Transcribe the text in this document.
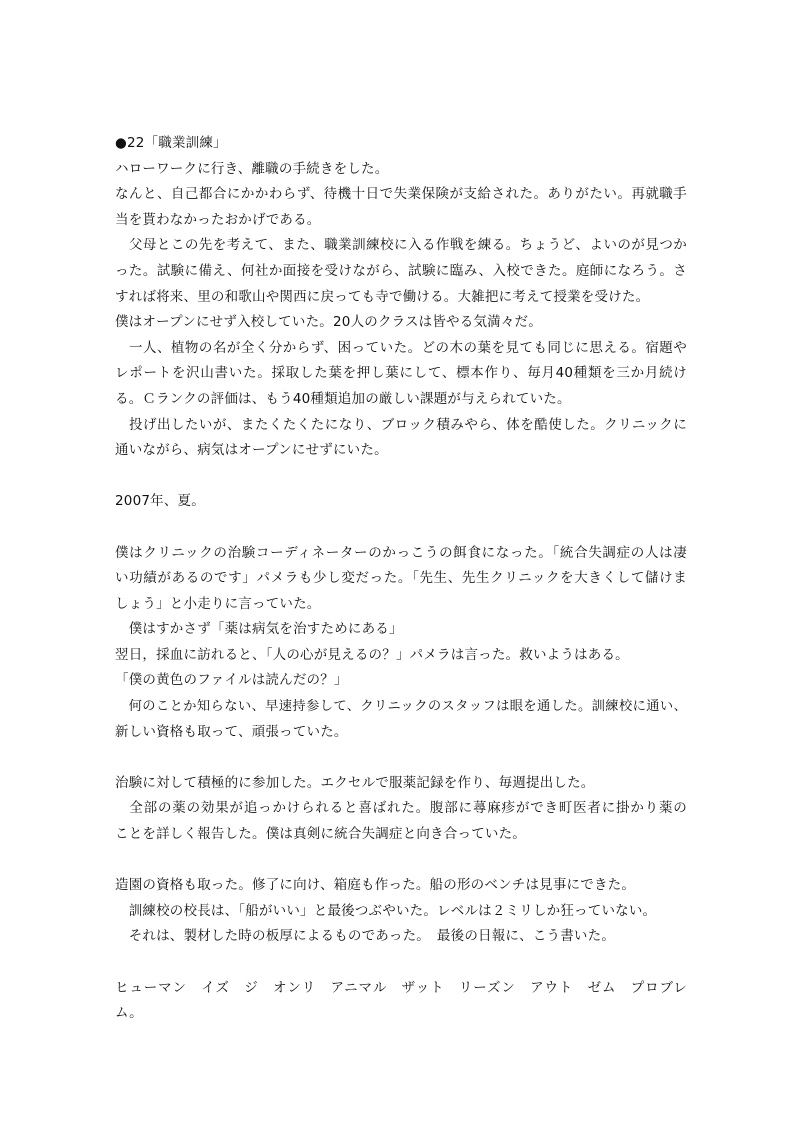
●22「職業訓練」
ハローワークに行き、離職の手続きをした。
なんと、自己都合にかかわらず、待機十日で失業保険が支給された。ありがたい。再就職手
当を貰わなかったおかげである。
　父母とこの先を考えて、また、職業訓練校に入る作戦を練る。ちょうど、よいのが見つか
った。試験に備え、何社か面接を受けながら、試験に臨み、入校できた。庭師になろう。さ
すれば将来、里の和歌山や関西に戻っても寺で働ける。大雑把に考えて授業を受けた。
僕はオープンにせず入校していた。20人のクラスは皆やる気満々だ。
　一人、植物の名が全く分からず、困っていた。どの木の葉を見ても同じに思える。宿題や
レポートを沢山書いた。採取した葉を押し葉にして、標本作り、毎月40種類を三か月続け
る。Ｃランクの評価は、もう40種類追加の厳しい課題が与えられていた。
　投げ出したいが、またくたくたになり、ブロック積みやら、体を酷使した。クリニックに
通いながら、病気はオープンにせずにいた。
2007年、夏。
僕はクリニックの治験コーディネーターのかっこうの餌食になった。「統合失調症の人は凄
い功績があるのです」パメラも少し変だった。「先生、先生クリニックを大きくして儲けま
しょう」と小走りに言っていた。
　僕はすかさず「薬は病気を治すためにある」
翌日，採血に訪れると、「人の心が見えるの？」パメラは言った。救いようはある。
「僕の黄色のファイルは読んだの？」
　何のことか知らない、早速持参して、クリニックのスタッフは眼を通した。訓練校に通い、
新しい資格も取って、頑張っていた。
治験に対して積極的に参加した。エクセルで服薬記録を作り、毎週提出した。
　全部の薬の効果が追っかけられると喜ばれた。腹部に蕁麻疹ができ町医者に掛かり薬の
ことを詳しく報告した。僕は真剣に統合失調症と向き合っていた。
造園の資格も取った。修了に向け、箱庭も作った。船の形のベンチは見事にできた。
　訓練校の校長は、「船がいい」と最後つぶやいた。レベルは２ミリしか狂っていない。
　それは、製材した時の板厚によるものであった。　最後の日報に、こう書いた。
ヒューマン　イズ　ジ　オンリ　アニマル　ザット　リーズン　アウト　ゼム　プロブレ
ム。
